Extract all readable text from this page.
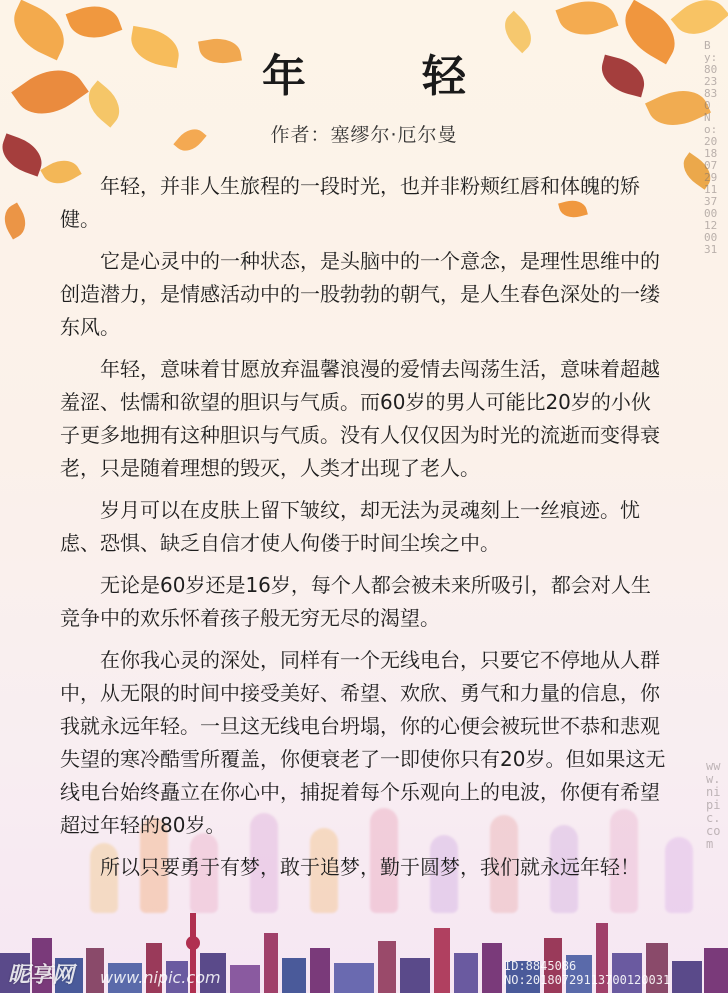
年　轻
作者：塞缪尔·厄尔曼

年轻，并非人生旅程的一段时光，也并非粉颊红唇和体魄的矫健。

它是心灵中的一种状态，是头脑中的一个意念，是理性思维中的创造潜力，是情感活动中的一股勃勃的朝气，是人生春色深处的一缕东风。

年轻，意味着甘愿放弃温馨浪漫的爱情去闯荡生活，意味着超越羞涩、怯懦和欲望的胆识与气质。而60岁的男人可能比20岁的小伙子更多地拥有这种胆识与气质。没有人仅仅因为时光的流逝而变得衰老，只是随着理想的毁灭，人类才出现了老人。

岁月可以在皮肤上留下皱纹，却无法为灵魂刻上一丝痕迹。忧虑、恐惧、缺乏自信才使人佝偻于时间尘埃之中。

无论是60岁还是16岁，每个人都会被未来所吸引，都会对人生竞争中的欢乐怀着孩子般无穷无尽的渴望。

在你我心灵的深处，同样有一个无线电台，只要它不停地从人群中，从无限的时间中接受美好、希望、欢欣、勇气和力量的信息，你我就永远年轻。一旦这无线电台坍塌，你的心便会被玩世不恭和悲观失望的寒冷酷雪所覆盖，你便衰老了一即使你只有20岁。但如果这无线电台始终矗立在你心中，捕捉着每个乐观向上的电波，你便有希望超过年轻的80岁。

所以只要勇于有梦，敢于追梦，勤于圆梦，我们就永远年轻！

By:8023830 No:20180729113700120031
www.nipic.com
昵享网 www.nipic.com
ID:8845086 NO:20180729113700120031
